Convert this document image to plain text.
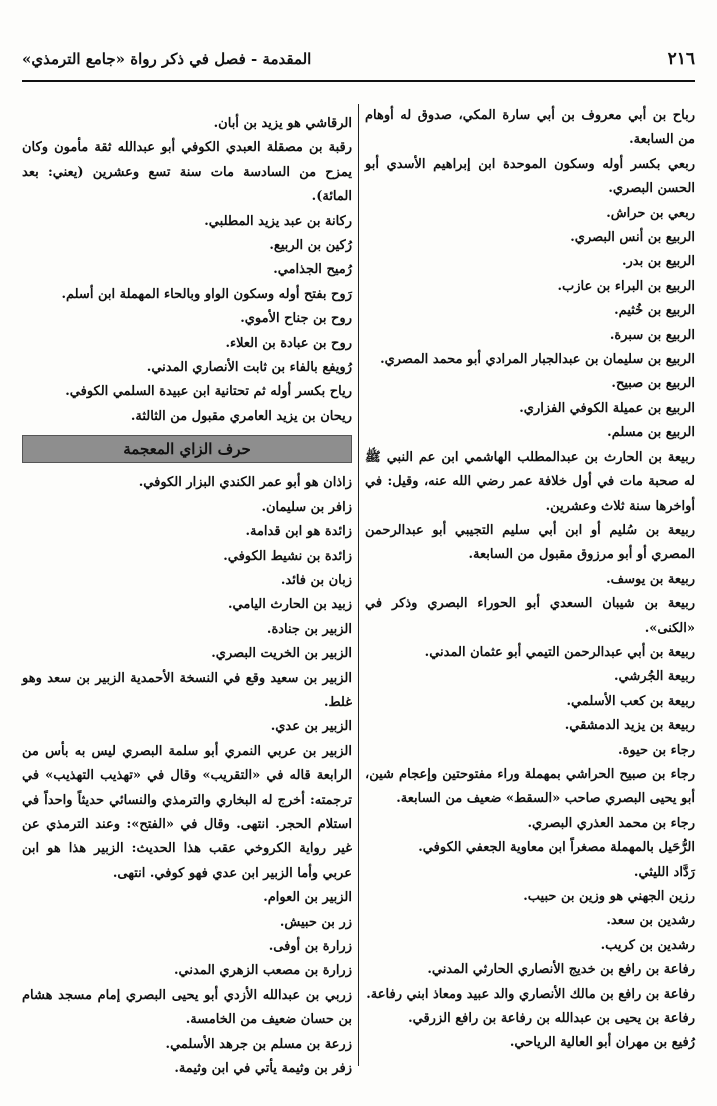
٢١٦
المقدمة - فصل في ذكر رواة «جامع الترمذي»

رباح بن أبي معروف بن أبي سارة المكي، صدوق له أوهام من السابعة.

ربعي بكسر أوله وسكون الموحدة ابن إبراهيم الأسدي أبو الحسن البصري.

ربعي بن حراش.

الربيع بن أنس البصري.

الربيع بن بدر.

الربيع بن البراء بن عازب.

الربيع بن خُثيم.

الربيع بن سبرة.

الربيع بن سليمان بن عبدالجبار المرادي أبو محمد المصري.

الربيع بن صبيح.

الربيع بن عميلة الكوفي الفزاري.

الربيع بن مسلم.

ربيعة بن الحارث بن عبدالمطلب الهاشمي ابن عم النبي ﷺ له صحبة مات في أول خلافة عمر رضي الله عنه، وقيل: في أواخرها سنة ثلاث وعشرين.

ربيعة بن سُليم أو ابن أبي سليم التجيبي أبو عبدالرحمن المصري أو أبو مرزوق مقبول من السابعة.

ربيعة بن يوسف.

ربيعة بن شيبان السعدي أبو الحوراء البصري وذكر في «الكنى».

ربيعة بن أبي عبدالرحمن التيمي أبو عثمان المدني.

ربيعة الجُرشي.

ربيعة بن كعب الأسلمي.

ربيعة بن يزيد الدمشقي.

رجاء بن حيوة.

رجاء بن صبيح الحراشي بمهملة وراء مفتوحتين وإعجام شين، أبو يحيى البصري صاحب «السقط» ضعيف من السابعة.

رجاء بن محمد العذري البصري.

الرُّحَيل بالمهملة مصغراً ابن معاوية الجعفي الكوفي.

رَدَّاد الليثي.

رزين الجهني هو وزين بن حبيب.

رشدين بن سعد.

رشدين بن كريب.

رفاعة بن رافع بن خديج الأنصاري الحارثي المدني.

رفاعة بن رافع بن مالك الأنصاري والد عبيد ومعاذ ابني رفاعة.

رفاعة بن يحيى بن عبدالله بن رفاعة بن رافع الزرقي.

رُفيع بن مهران أبو العالية الرياحي.

الرقاشي هو يزيد بن أبان.

رقبة بن مصقلة العبدي الكوفي أبو عبدالله ثقة مأمون وكان يمزح من السادسة مات سنة تسع وعشرين (يعني: بعد المائة).

ركانة بن عبد يزيد المطلبي.

رُكين بن الربيع.

رُميح الجذامي.

رَوح بفتح أوله وسكون الواو وبالحاء المهملة ابن أسلم.

روح بن جناح الأموي.

روح بن عبادة بن العلاء.

رُويفع بالفاء بن ثابت الأنصاري المدني.

رياح بكسر أوله ثم تحتانية ابن عبيدة السلمي الكوفي.

ريحان بن يزيد العامري مقبول من الثالثة.

حرف الزاي المعجمة

زاذان هو أبو عمر الكندي البزار الكوفي.

زافر بن سليمان.

زائدة هو ابن قدامة.

زائدة بن نشيط الكوفي.

زبان بن فائد.

زبيد بن الحارث اليامي.

الزبير بن جنادة.

الزبير بن الخريت البصري.

الزبير بن سعيد وقع في النسخة الأحمدية الزبير بن سعد وهو غلط.

الزبير بن عدي.

الزبير بن عربي النمري أبو سلمة البصري ليس به بأس من الرابعة قاله في «التقريب» وقال في «تهذيب التهذيب» في ترجمته: أخرج له البخاري والترمذي والنسائي حديثاً واحداً في استلام الحجر. انتهى. وقال في «الفتح»: وعند الترمذي عن غير رواية الكروخي عقب هذا الحديث: الزبير هذا هو ابن عربي وأما الزبير ابن عدي فهو كوفي. انتهى.

الزبير بن العوام.

زر بن حبيش.

زرارة بن أوفى.

زرارة بن مصعب الزهري المدني.

زربي بن عبدالله الأزدي أبو يحيى البصري إمام مسجد هشام بن حسان ضعيف من الخامسة.

زرعة بن مسلم بن جرهد الأسلمي.

زفر بن وثيمة يأتي في ابن وثيمة.
